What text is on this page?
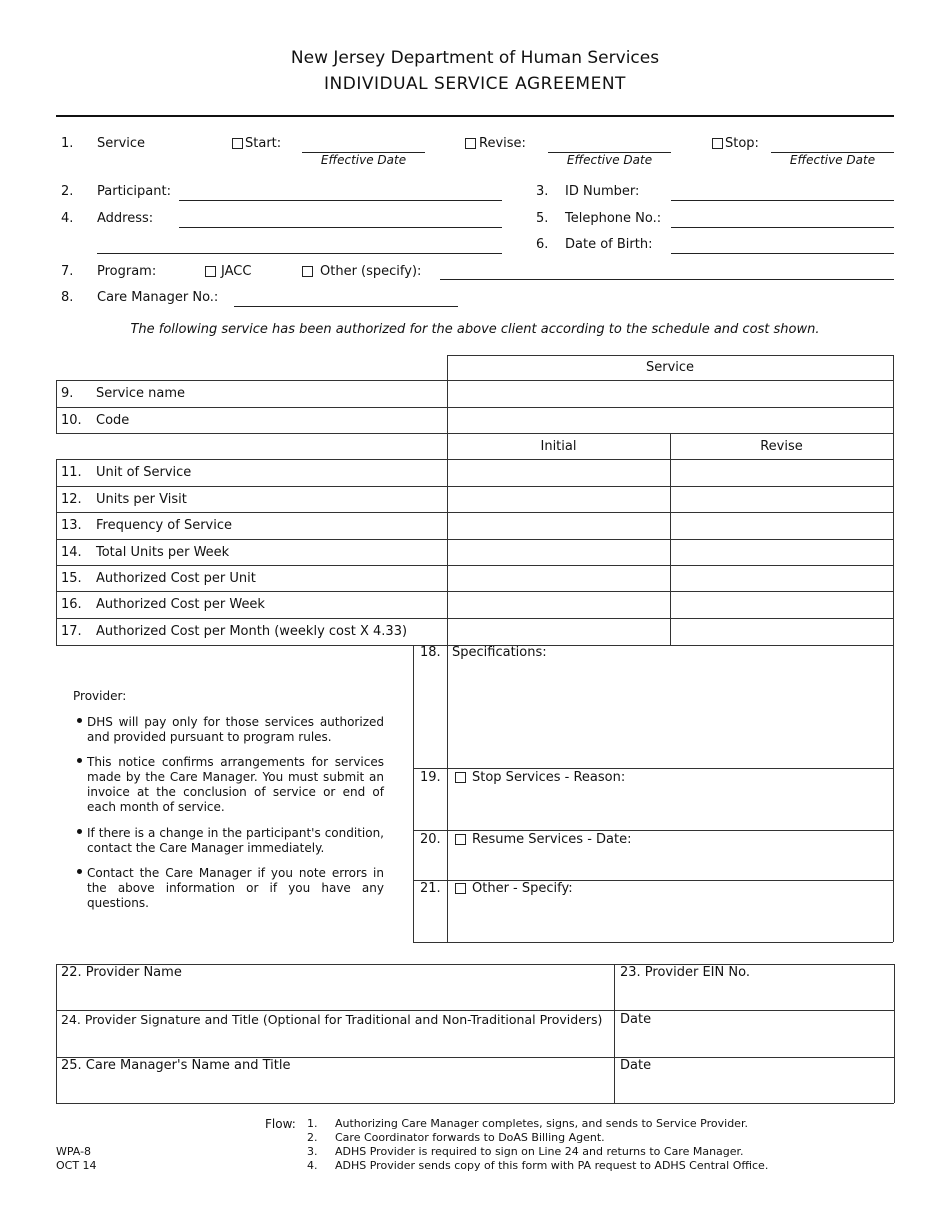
New Jersey Department of Human Services
INDIVIDUAL SERVICE AGREEMENT
1. Service	Start:
Effective Date
Revise:
Effective Date
Stop:
Effective Date
2. Participant:	3. ID Number:
4. Address:	5. Telephone No.:
6. Date of Birth:
7. Program:	JACC	Other (specify):
8. Care Manager No.:
The following service has been authorized for the above client according to the schedule and cost shown.
Service
Initial	Revise
9. Service name
10. Code
11. Unit of Service
12. Units per Visit
13. Frequency of Service
14. Total Units per Week
15. Authorized Cost per Unit
16. Authorized Cost per Week
17. Authorized Cost per Month (weekly cost X 4.33)
Provider:
DHS will pay only for those services authorized and provided pursuant to program rules.
This notice confirms arrangements for services made by the Care Manager. You must submit an invoice at the conclusion of service or end of each month of service.
If there is a change in the participant's condition, contact the Care Manager immediately.
Contact the Care Manager if you note errors in the above information or if you have any questions.
18. Specifications:
19. Stop Services - Reason:
20. Resume Services - Date:
21. Other - Specify:
22. Provider Name	23. Provider EIN No.
24. Provider Signature and Title (Optional for Traditional and Non-Traditional Providers) Date
25. Care Manager's Name and Title	Date
Flow: 1. Authorizing Care Manager completes, signs, and sends to Service Provider.
2. Care Coordinator forwards to DoAS Billing Agent.
3. ADHS Provider is required to sign on Line 24 and returns to Care Manager.
4. ADHS Provider sends copy of this form with PA request to ADHS Central Office.
WPA-8
OCT 14
